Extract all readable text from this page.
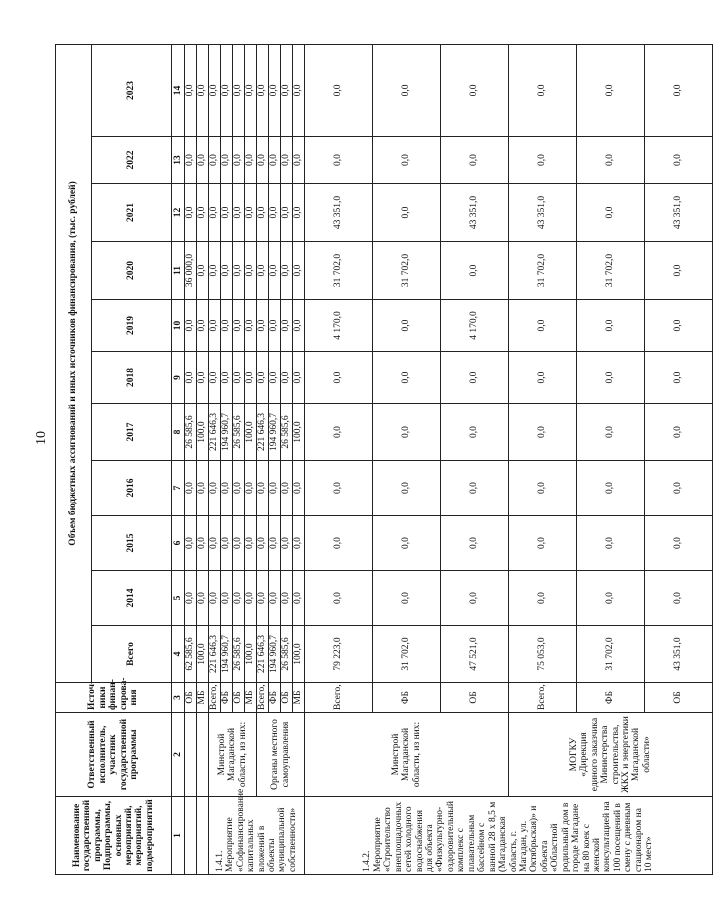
10
Наименование государственной программы, Подпрограммы, основных мероприятий, мероприятий, подмероприятий	Ответственный исполнитель, участник государственной программы	Источ-ники финан-сирова-ния	Объем бюджетных ассигнований и иных источников финансирования, (тыс. рублей)										
			Всего	2014	2015	2016	2017	2018	2019	2020	2021	2022	2023
1	2	3	4	5	6	7	8	9	10	11	12	13	14
		ОБ	62 585,6	0,0	0,0	0,0	26 585,6	0,0	0,0	36 000,0	0,0	0,0	0,0
		МБ	100,0	0,0	0,0	0,0	100,0	0,0	0,0	0,0	0,0	0,0	0,0
1.4.1. Мероприятие «Софинансирование капитальных вложений в объекты муниципальной собственности»	Минстрой Магаданской области, из них:	Всего,	221 646,3	0,0	0,0	0,0	221 646,3	0,0	0,0	0,0	0,0	0,0	0,0
		ФБ	194 960,7	0,0	0,0	0,0	194 960,7	0,0	0,0	0,0	0,0	0,0	0,0
		ОБ	26 585,6	0,0	0,0	0,0	26 585,6	0,0	0,0	0,0	0,0	0,0	0,0
		МБ	100,0	0,0	0,0	0,0	100,0	0,0	0,0	0,0	0,0	0,0	0,0
	Органы местного самоуправления	Всего,	221 646,3	0,0	0,0	0,0	221 646,3	0,0	0,0	0,0	0,0	0,0	0,0
		ФБ	194 960,7	0,0	0,0	0,0	194 960,7	0,0	0,0	0,0	0,0	0,0	0,0
		ОБ	26 585,6	0,0	0,0	0,0	26 585,6	0,0	0,0	0,0	0,0	0,0	0,0
		МБ	100,0	0,0	0,0	0,0	100,0	0,0	0,0	0,0	0,0	0,0	0,0
1.4.2. Мероприятие «Строительство внеплощадочных сетей холодного водоснабжения для объекта «Физкультурно-оздоровительный комплекс с плавательным бассейном с ванной 28 х 8,5 м (Магаданская область, г. Магадан, ул. Октябрьская)» и объекта «Областной родильный дом в городе Магадане на 80 коек с женской консультацией на 100 посещений в смену с дневным стационаром на 10 мест»	Минстрой Магаданской области, из них:	Всего,	79 223,0	0,0	0,0	0,0	0,0	0,0	4 170,0	31 702,0	43 351,0	0,0	0,0
		ФБ	31 702,0	0,0	0,0	0,0	0,0	0,0	0,0	31 702,0	0,0	0,0	0,0
		ОБ	47 521,0	0,0	0,0	0,0	0,0	0,0	4 170,0	0,0	43 351,0	0,0	0,0
	МОГКУ «Дирекция единого заказчика Министерства строительства, ЖКХ и энергетики Магаданской области»	Всего,	75 053,0	0,0	0,0	0,0	0,0	0,0	0,0	31 702,0	43 351,0	0,0	0,0
		ФБ	31 702,0	0,0	0,0	0,0	0,0	0,0	0,0	31 702,0	0,0	0,0	0,0
		ОБ	43 351,0	0,0	0,0	0,0	0,0	0,0	0,0	0,0	43 351,0	0,0	0,0
